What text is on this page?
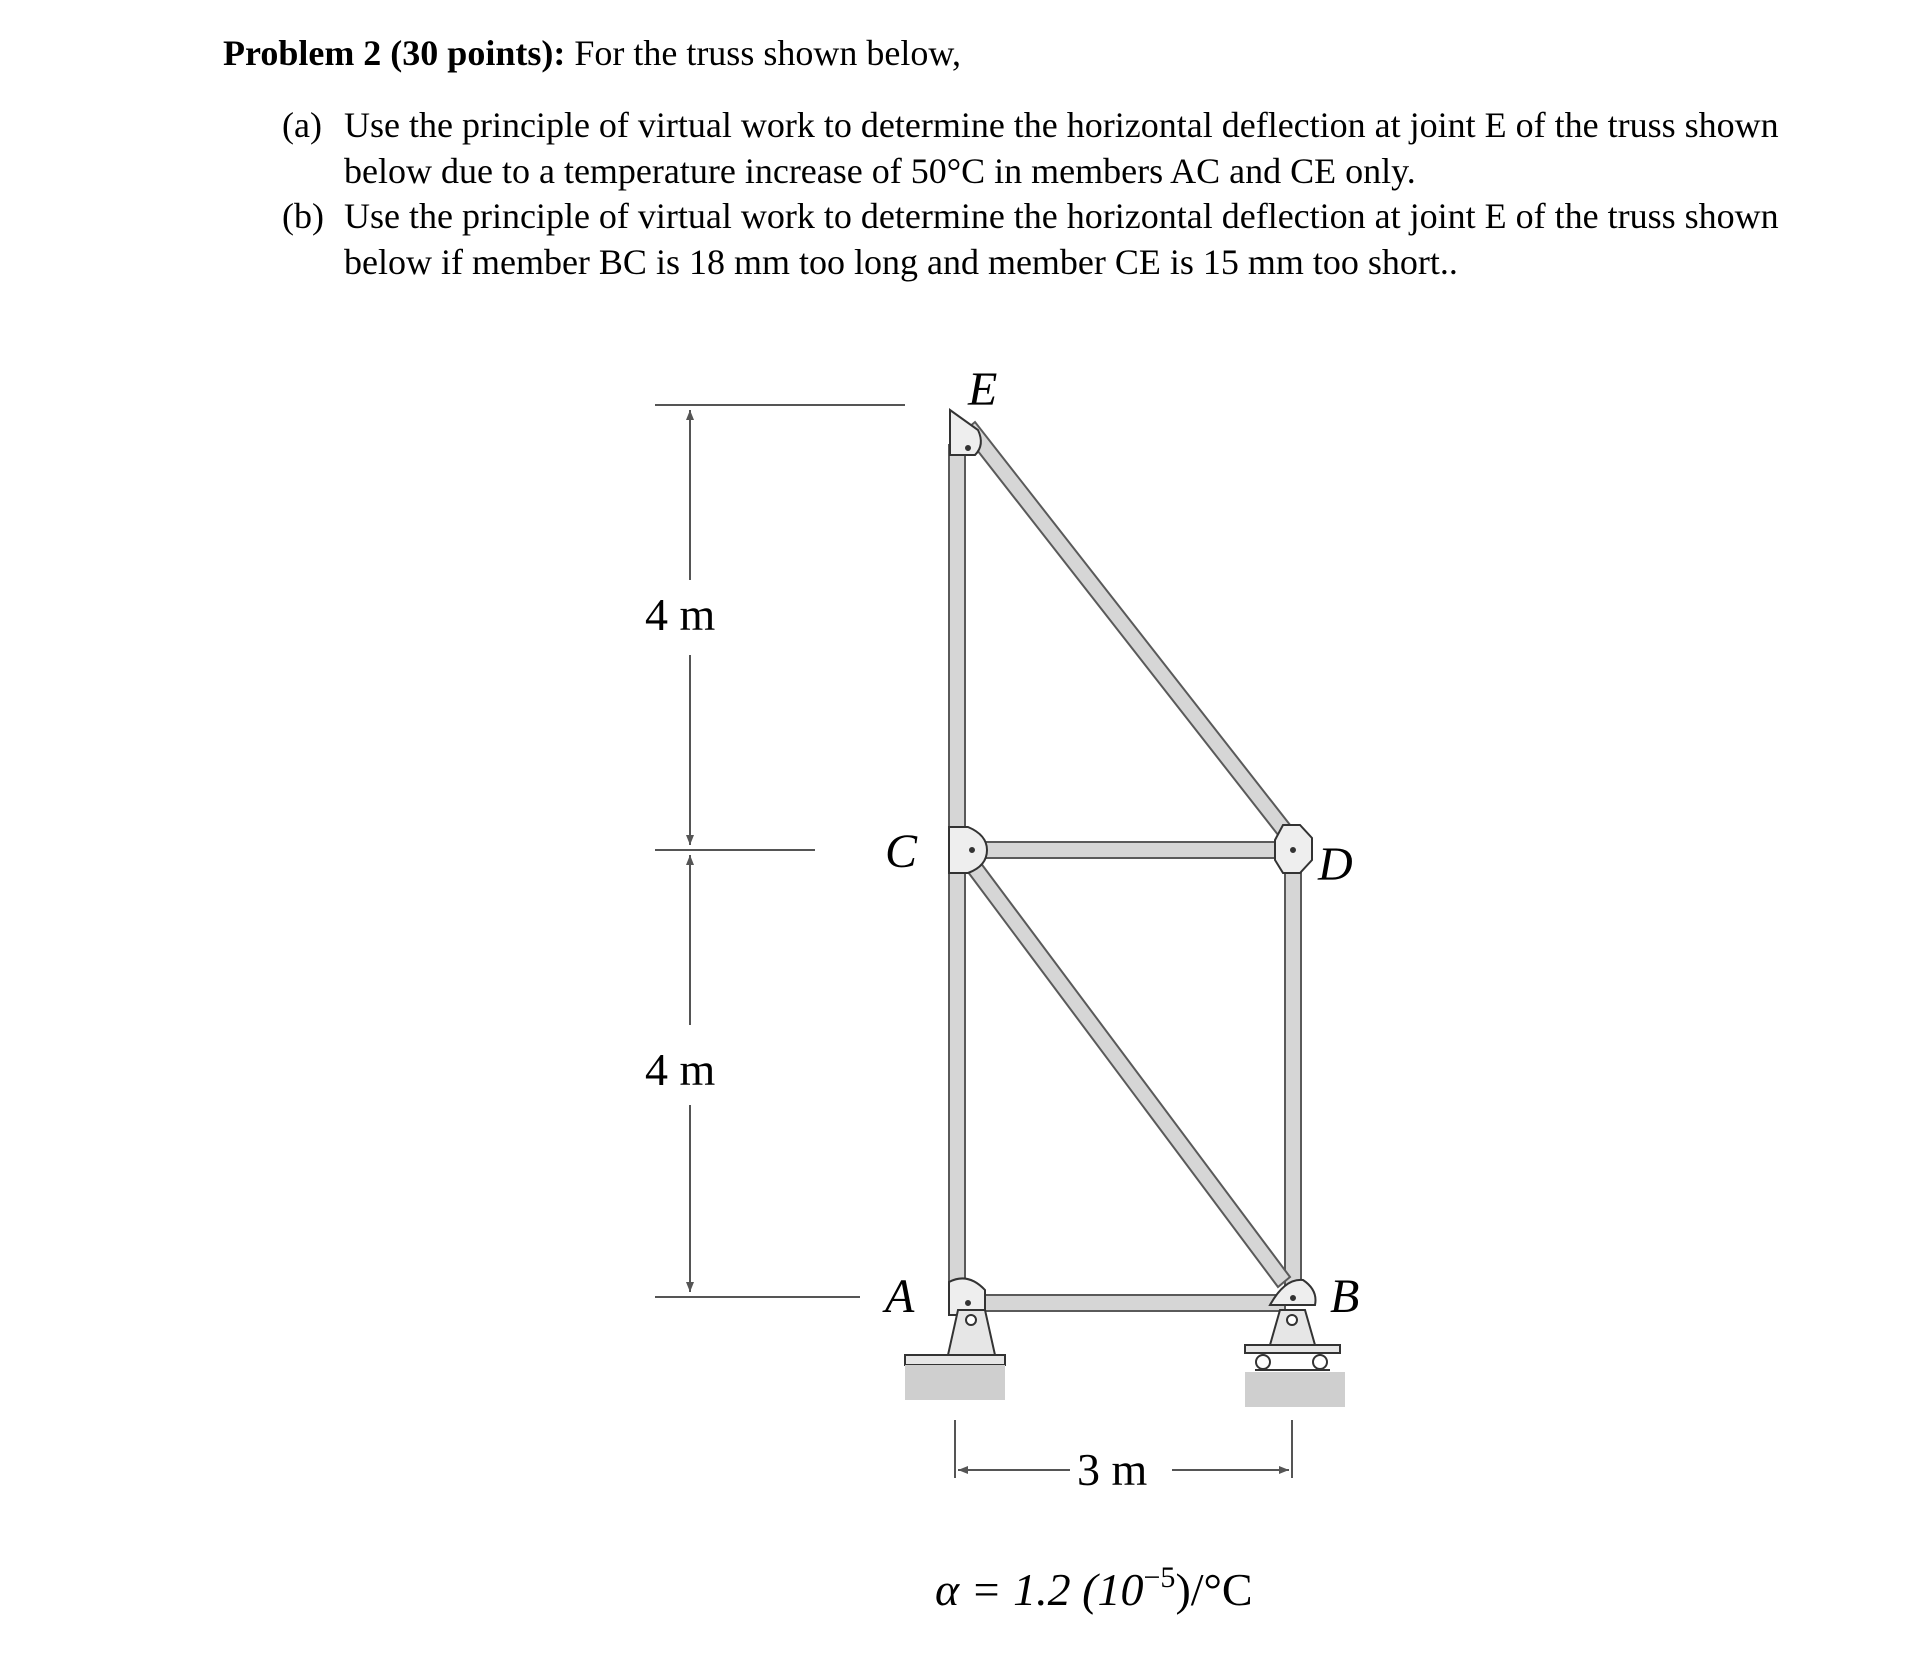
Problem 2 (30 points): For the truss shown below,
(a) Use the principle of virtual work to determine the horizontal deflection at joint E of the truss shown
below due to a temperature increase of 50°C in members AC and CE only.
(b) Use the principle of virtual work to determine the horizontal deflection at joint E of the truss shown
below if member BC is 18 mm too long and member CE is 15 mm too short..
E
C	D
A	B
4 m
4 m
3 m
α = 1.2 $(10^{-5})/^\circ C$
